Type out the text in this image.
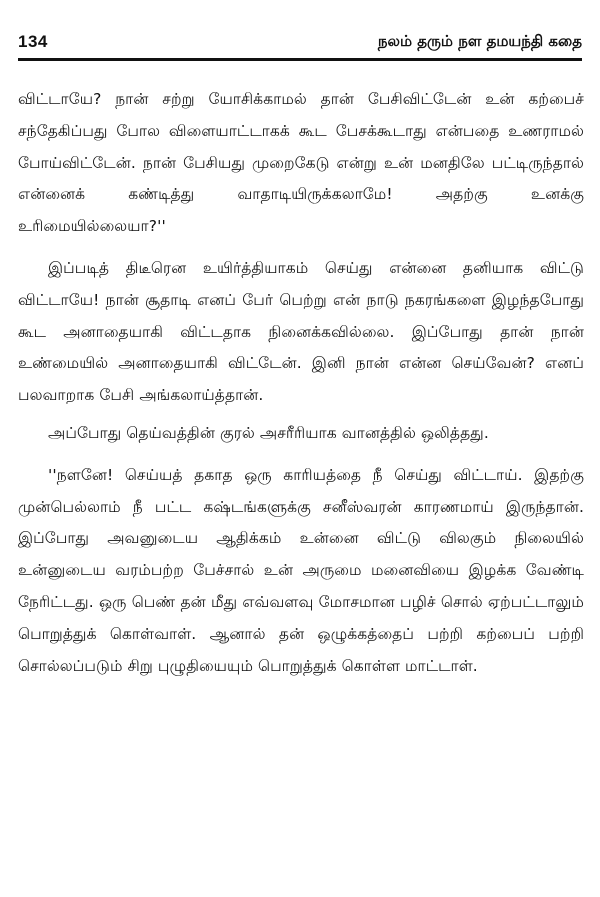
134	நலம் தரும் நள தமயந்தி கதை

விட்டாயே? நான் சற்று யோசிக்காமல் தான் பேசிவிட்டேன் உன் கற்பைச் சந்தேகிப்பது போல விளையாட்டாகக் கூட பேசக்கூடாது என்பதை உணராமல் போய்விட்டேன். நான் பேசியது முறைகேடு என்று உன் மனதிலே பட்டிருந்தால் என்னைக் கண்டித்து வாதாடியிருக்கலாமே! அதற்கு உனக்கு உரிமையில்லையா?''

இப்படித் திடீரென உயிர்த்தியாகம் செய்து என்னை தனியாக விட்டு விட்டாயே! நான் சூதாடி எனப் பேர் பெற்று என் நாடு நகரங்களை இழந்தபோது கூட அனாதையாகி விட்டதாக நினைக்கவில்லை. இப்போது தான் நான் உண்மையில் அனாதையாகி விட்டேன். இனி நான் என்ன செய்வேன்? எனப் பலவாறாக பேசி அங்கலாய்த்தான்.

அப்போது தெய்வத்தின் குரல் அசரீரியாக வானத்தில் ஒலித்தது.

''நளனே! செய்யத் தகாத ஒரு காரியத்தை நீ செய்து விட்டாய். இதற்கு முன்பெல்லாம் நீ பட்ட கஷ்டங்களுக்கு சனீஸ்வரன் காரணமாய் இருந்தான். இப்போது அவனுடைய ஆதிக்கம் உன்னை விட்டு விலகும் நிலையில் உன்னுடைய வரம்பற்ற பேச்சால் உன் அருமை மனைவியை இழக்க வேண்டி நேரிட்டது. ஒரு பெண் தன் மீது எவ்வளவு மோசமான பழிச் சொல் ஏற்பட்டாலும் பொறுத்துக் கொள்வாள். ஆனால் தன் ஒழுக்கத்தைப் பற்றி கற்பைப் பற்றி சொல்லப்படும் சிறு புழுதியையும் பொறுத்துக் கொள்ள மாட்டாள்.
